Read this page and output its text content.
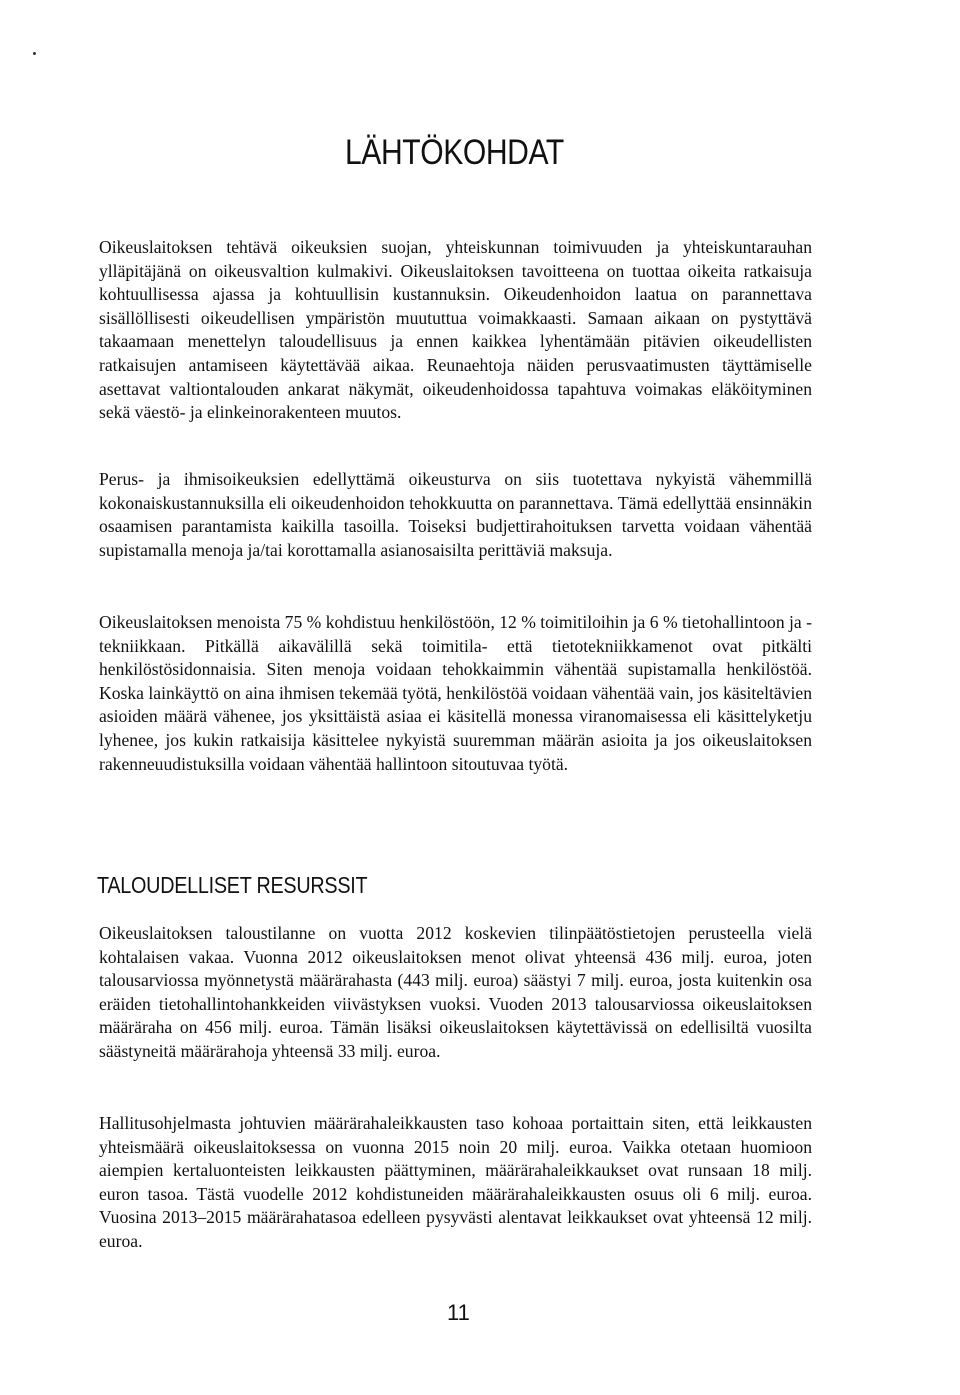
LÄHTÖKOHDAT

Oikeuslaitoksen tehtävä oikeuksien suojan, yhteiskunnan toimivuuden ja yhteiskuntarauhan ylläpitäjänä on oikeusvaltion kulmakivi. Oikeuslaitoksen tavoitteena on tuottaa oikeita ratkaisuja kohtuullisessa ajassa ja kohtuullisin kustannuksin. Oikeudenhoidon laatua on parannettava sisällöllisesti oikeudellisen ympäristön muututtua voimakkaasti. Samaan aikaan on pystyttävä takaamaan menettelyn taloudellisuus ja ennen kaikkea lyhentämään pitävien oikeudellisten ratkaisujen antamiseen käytettävää aikaa. Reunaehtoja näiden perusvaatimusten täyttämiselle asettavat valtiontalouden ankarat näkymät, oikeudenhoidossa tapahtuva voimakas eläköityminen sekä väestö- ja elinkeinorakenteen muutos.

Perus- ja ihmisoikeuksien edellyttämä oikeusturva on siis tuotettava nykyistä vähemmillä kokonaiskustannuksilla eli oikeudenhoidon tehokkuutta on parannettava. Tämä edellyttää ensinnäkin osaamisen parantamista kaikilla tasoilla. Toiseksi budjettirahoituksen tarvetta voidaan vähentää supistamalla menoja ja/tai korottamalla asianosaisilta perittäviä maksuja.

Oikeuslaitoksen menoista 75 % kohdistuu henkilöstöön, 12 % toimitiloihin ja 6 % tietohallintoon ja -tekniikkaan. Pitkällä aikavälillä sekä toimitila- että tietotekniikkamenot ovat pitkälti henkilöstösidonnaisia. Siten menoja voidaan tehokkaimmin vähentää supistamalla henkilöstöä. Koska lainkäyttö on aina ihmisen tekemää työtä, henkilöstöä voidaan vähentää vain, jos käsiteltävien asioiden määrä vähenee, jos yksittäistä asiaa ei käsitellä monessa viranomaisessa eli käsittelyketju lyhenee, jos kukin ratkaisija käsittelee nykyistä suuremman määrän asioita ja jos oikeuslaitoksen rakenneuudistuksilla voidaan vähentää hallintoon sitoutuvaa työtä.

TALOUDELLISET RESURSSIT

Oikeuslaitoksen taloustilanne on vuotta 2012 koskevien tilinpäätöstietojen perusteella vielä kohtalaisen vakaa. Vuonna 2012 oikeuslaitoksen menot olivat yhteensä 436 milj. euroa, joten talousarviossa myönnetystä määrärahasta (443 milj. euroa) säästyi 7 milj. euroa, josta kuitenkin osa eräiden tietohallintohankkeiden viivästyksen vuoksi. Vuoden 2013 talousarviossa oikeuslaitoksen määräraha on 456 milj. euroa. Tämän lisäksi oikeuslaitoksen käytettävissä on edellisiltä vuosilta säästyneitä määrärahoja yhteensä 33 milj. euroa.

Hallitusohjelmasta johtuvien määrärahaleikkausten taso kohoaa portaittain siten, että leikkausten yhteismäärä oikeuslaitoksessa on vuonna 2015 noin 20 milj. euroa. Vaikka otetaan huomioon aiempien kertaluonteisten leikkausten päättyminen, määrärahaleikkaukset ovat runsaan 18 milj. euron tasoa. Tästä vuodelle 2012 kohdistuneiden määrärahaleikkausten osuus oli 6 milj. euroa. Vuosina 2013–2015 määrärahatasoa edelleen pysyvästi alentavat leikkaukset ovat yhteensä 12 milj. euroa.

11
